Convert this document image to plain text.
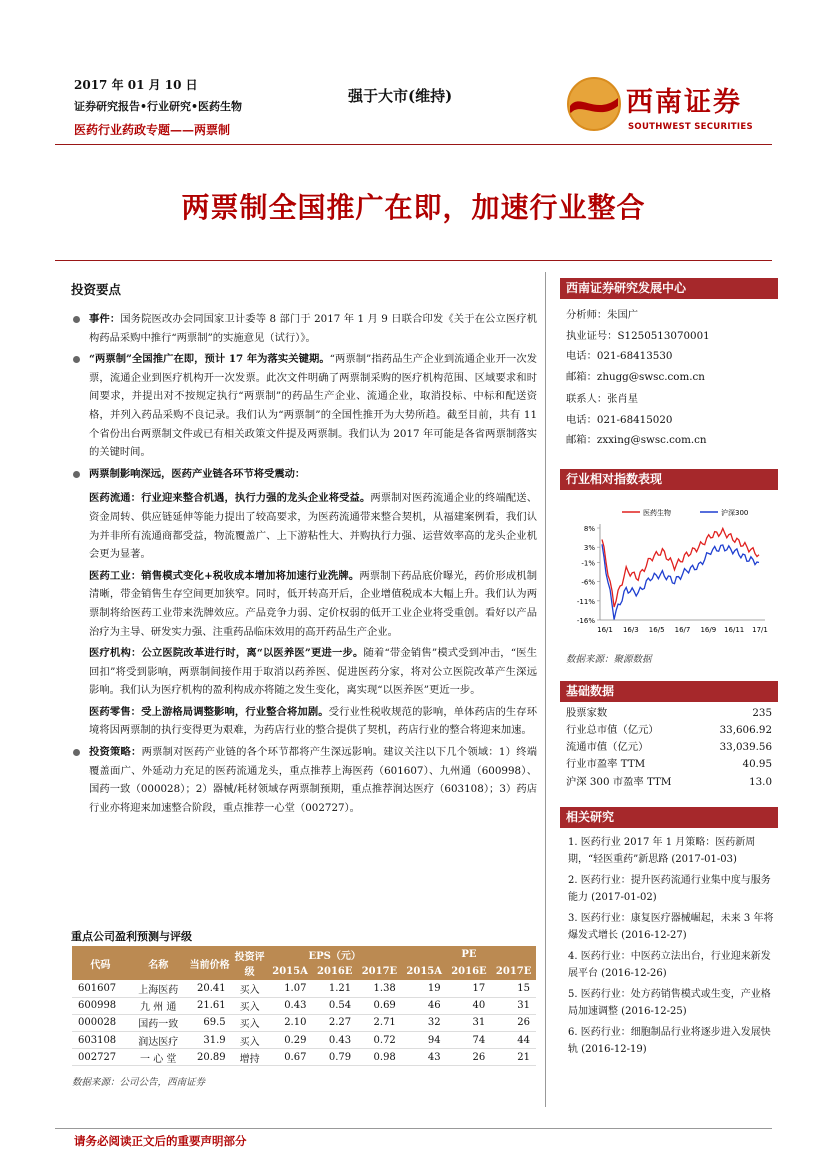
2017 年 01 月 10 日
证券研究报告•行业研究•医药生物
医药行业药政专题——两票制
强于大市(维持)	西南证券
SOUTHWEST SECURITIES
两票制全国推广在即，加速行业整合
投资要点
事件：国务院医改办会同国家卫计委等 8 部门于 2017 年 1 月 9 日联合印发《关于在公立医疗机构药品采购中推行“两票制”的实施意见（试行）》。
“两票制”全国推广在即，预计 17 年为落实关键期。“两票制”指药品生产企业到流通企业开一次发票，流通企业到医疗机构开一次发票。此次文件明确了两票制采购的医疗机构范围、区域要求和时间要求，并提出对不按规定执行“两票制”的药品生产企业、流通企业，取消投标、中标和配送资格，并列入药品采购不良记录。我们认为“两票制”的全国性推开为大势所趋。截至目前，共有 11 个省份出台两票制文件或已有相关政策文件提及两票制。我们认为 2017 年可能是各省两票制落实的关键时间。
两票制影响深远，医药产业链各环节将受震动：
医药流通：行业迎来整合机遇，执行力强的龙头企业将受益。两票制对医药流通企业的终端配送、资金周转、供应链延伸等能力提出了较高要求，为医药流通带来整合契机，从福建案例看，我们认为并非所有流通商都受益，物流覆盖广、上下游粘性大、并购执行力强、运营效率高的龙头企业机会更为显著。
医药工业：销售模式变化+税收成本增加将加速行业洗牌。两票制下药品底价曝光，药价形成机制清晰，带金销售生存空间更加狭窄。同时，低开转高开后，企业增值税成本大幅上升。我们认为两票制将给医药工业带来洗牌效应。产品竞争力弱、定价权弱的低开工业企业将受重创。看好以产品治疗为主导、研发实力强、注重药品临床效用的高开药品生产企业。
医疗机构：公立医院改革进行时，离“以医养医”更进一步。随着“带金销售”模式受到冲击，“医生回扣”将受到影响，两票制间接作用于取消以药养医、促进医药分家，将对公立医院改革产生深远影响。我们认为医疗机构的盈利构成亦将随之发生变化，离实现“以医养医”更近一步。
医药零售：受上游格局调整影响，行业整合将加剧。受行业性税收规范的影响，单体药店的生存环境将因两票制的执行变得更为艰难，为药店行业的整合提供了契机，药店行业的整合将迎来加速。
投资策略：两票制对医药产业链的各个环节都将产生深远影响。建议关注以下几个领域：1）终端覆盖面广、外延动力充足的医药流通龙头，重点推荐上海医药（601607）、九州通（600998）、国药一致（000028）；2）器械/耗材领域存两票制预期，重点推荐润达医疗（603108）；3）药店行业亦将迎来加速整合阶段，重点推荐一心堂（002727）。
重点公司盈利预测与评级
代码	名称	当前价格	投资评级	EPS（元）			PE		
				2015A	2016E	2017E	2015A	2016E	2017E
601607	上海医药	20.41	买入	1.07	1.21	1.38	19	17	15
600998	九 州 通	21.61	买入	0.43	0.54	0.69	46	40	31
000028	国药一致	69.5	买入	2.10	2.27	2.71	32	31	26
603108	润达医疗	31.9	买入	0.29	0.43	0.72	94	74	44
002727	一 心 堂	20.89	增持	0.67	0.79	0.98	43	26	21
数据来源：公司公告，西南证券
西南证券研究发展中心
分析师：朱国广
执业证号：S1250513070001
电话：021-68413530
邮箱：zhugg@swsc.com.cn
联系人：张肖星
电话：021-68415020
邮箱：zxxing@swsc.com.cn
行业相对指数表现
8%
3%
-1%
-6%
-11%
-16%
16/1 16/3 16/5 16/7 16/9 16/11 17/1
医药生物	沪深300
数据来源：聚源数据
基础数据
股票家数	235
行业总市值（亿元）	33,606.92
流通市值（亿元）	33,039.56
行业市盈率 TTM	40.95
沪深 300 市盈率 TTM	13.0
相关研究
1. 医药行业 2017 年 1 月策略：医药新周期，“轻医重药”新思路 (2017-01-03)
2. 医药行业：提升医药流通行业集中度与服务能力 (2017-01-02)
3. 医药行业：康复医疗器械崛起，未来 3 年将爆发式增长 (2016-12-27)
4. 医药行业：中医药立法出台，行业迎来新发展平台 (2016-12-26)
5. 医药行业：处方药销售模式或生变，产业格局加速调整 (2016-12-25)
6. 医药行业：细胞制品行业将逐步进入发展快轨 (2016-12-19)
请务必阅读正文后的重要声明部分
